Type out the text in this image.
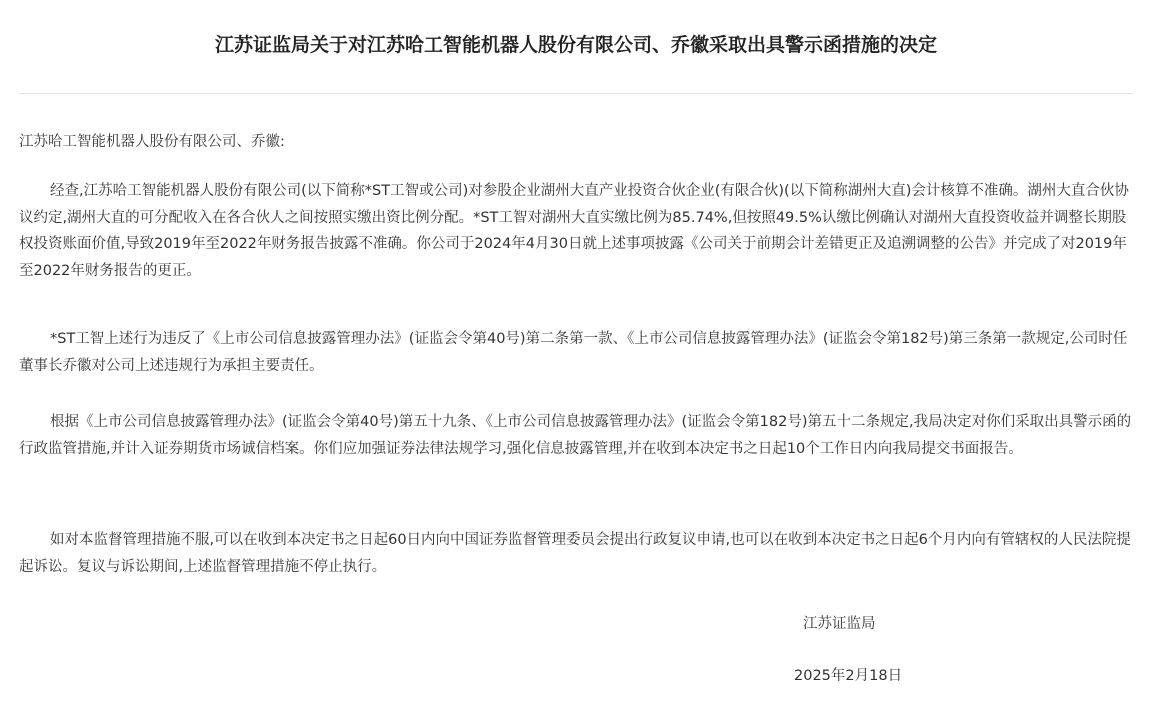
江苏证监局关于对江苏哈工智能机器人股份有限公司、乔徽采取出具警示函措施的决定
江苏哈工智能机器人股份有限公司、乔徽:
经查,江苏哈工智能机器人股份有限公司(以下简称*ST工智或公司)对参股企业湖州大直产业投资合伙企业(有限合伙)(以下简称湖州大直)会计核算不准确。湖州大直合伙协议约定,湖州大直的可分配收入在各合伙人之间按照实缴出资比例分配。*ST工智对湖州大直实缴比例为85.74%,但按照49.5%认缴比例确认对湖州大直投资收益并调整长期股权投资账面价值,导致2019年至2022年财务报告披露不准确。你公司于2024年4月30日就上述事项披露《公司关于前期会计差错更正及追溯调整的公告》并完成了对2019年至2022年财务报告的更正。
*ST工智上述行为违反了《上市公司信息披露管理办法》(证监会令第40号)第二条第一款、《上市公司信息披露管理办法》(证监会令第182号)第三条第一款规定,公司时任董事长乔徽对公司上述违规行为承担主要责任。
根据《上市公司信息披露管理办法》(证监会令第40号)第五十九条、《上市公司信息披露管理办法》(证监会令第182号)第五十二条规定,我局决定对你们采取出具警示函的行政监管措施,并计入证券期货市场诚信档案。你们应加强证券法律法规学习,强化信息披露管理,并在收到本决定书之日起10个工作日内向我局提交书面报告。
如对本监督管理措施不服,可以在收到本决定书之日起60日内向中国证券监督管理委员会提出行政复议申请,也可以在收到本决定书之日起6个月内向有管辖权的人民法院提起诉讼。复议与诉讼期间,上述监督管理措施不停止执行。
江苏证监局
2025年2月18日
